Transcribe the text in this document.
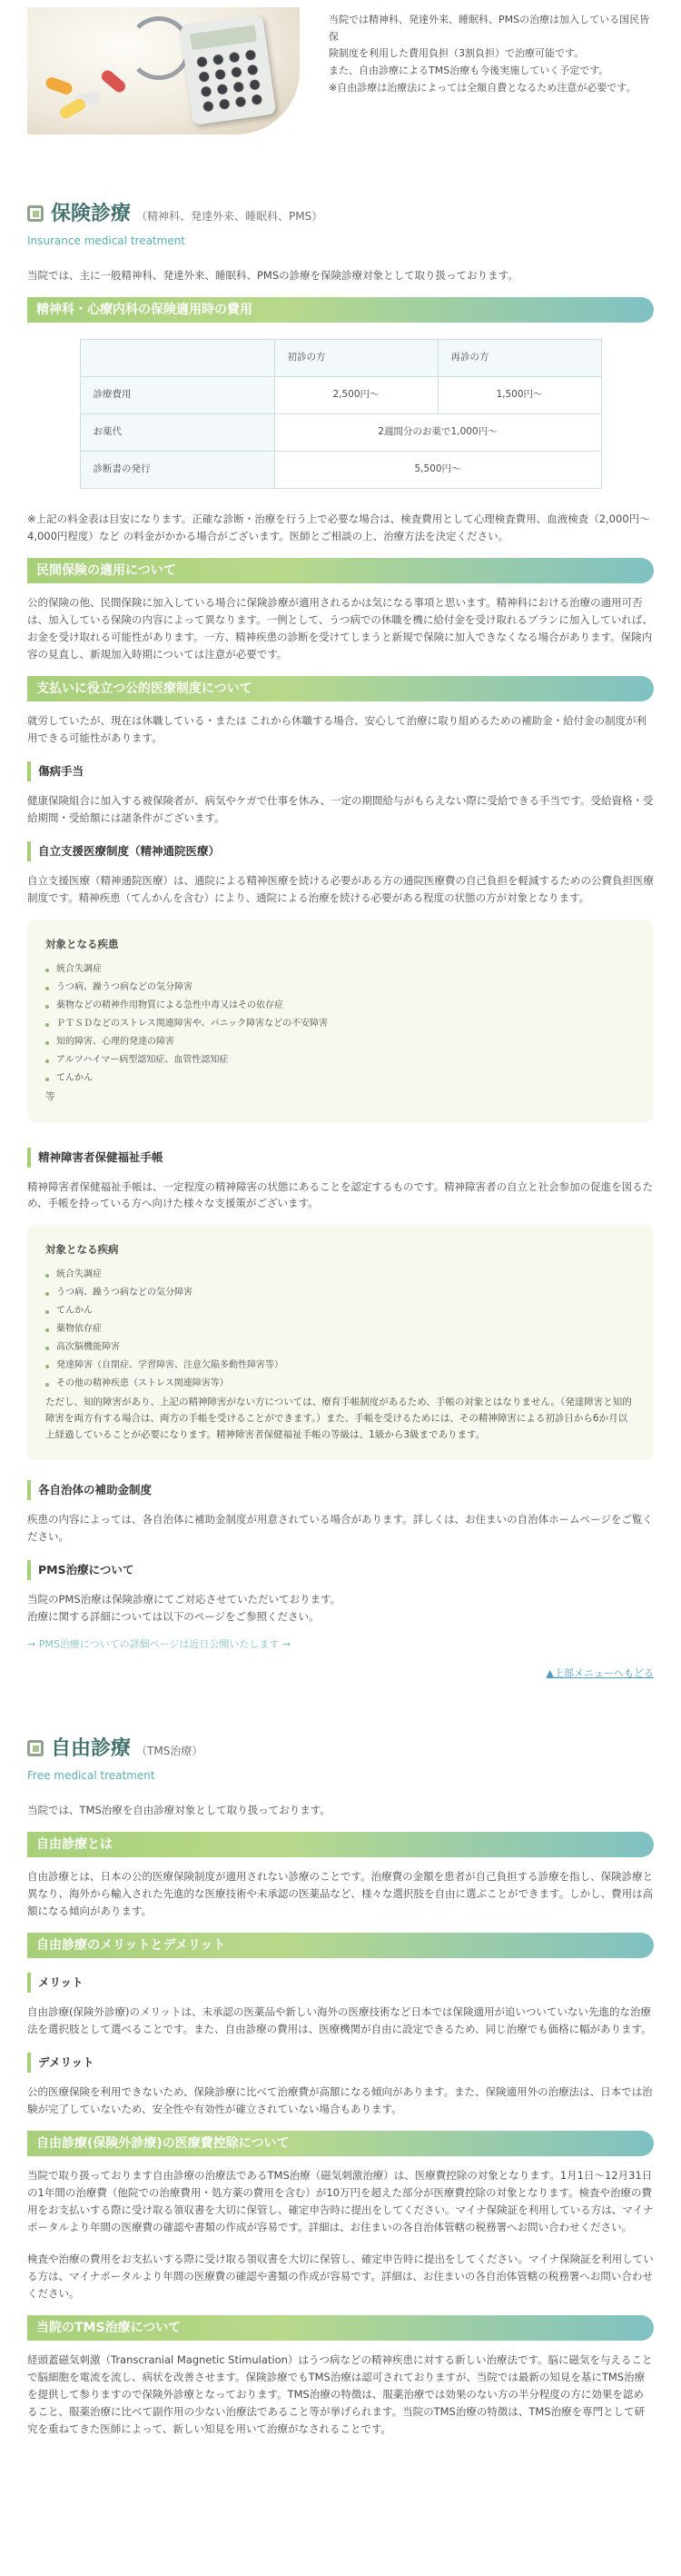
当院では精神科、発達外来、睡眠科、PMSの治療は加入している国民皆保
険制度を利用した費用負担（3割負担）で治療可能です。
また、自由診療によるTMS治療も今後実施していく予定です。
※自由診療は治療法によっては全額自費となるため注意が必要です。
保険診療 （精神科、発達外来、睡眠科、PMS）
Insurance medical treatment

当院では、主に一般精神科、発達外来、睡眠科、PMSの診療を保険診療対象として取り扱っております。

精神科・心療内科の保険適用時の費用
	初診の方	再診の方
診療費用	2,500円〜	1,500円〜
お薬代	2週間分のお薬で1,000円〜	
診断書の発行	5,500円〜	

※上記の料金表は目安になります。正確な診断・治療を行う上で必要な場合は、検査費用として心理検査費用、血液検査（2,000円〜4,000円程度）など の料金がかかる場合がございます。医師とご相談の上、治療方法を決定ください。

民間保険の適用について

公的保険の他、民間保険に加入している場合に保険診療が適用されるかは気になる事項と思います。精神科における治療の適用可否は、加入している保険の内容によって異なります。一例として、うつ病での休職を機に給付金を受け取れるプランに加入していれば、お金を受け取れる可能性があります。一方、精神疾患の診断を受けてしまうと新規で保険に加入できなくなる場合があります。保険内容の見直し、新規加入時期については注意が必要です。

支払いに役立つ公的医療制度について

就労していたが、現在は休職している・または これから休職する場合、安心して治療に取り組めるための補助金・給付金の制度が利用できる可能性があります。

傷病手当

健康保険組合に加入する被保険者が、病気やケガで仕事を休み、一定の期間給与がもらえない際に受給できる手当です。受給資格・受給期間・受給額には諸条件がございます。

自立支援医療制度（精神通院医療）

自立支援医療（精神通院医療）は、通院による精神医療を続ける必要がある方の通院医療費の自己負担を軽減するための公費負担医療制度です。精神疾患（てんかんを含む）により、通院による治療を続ける必要がある程度の状態の方が対象となります。

対象となる疾患
統合失調症
うつ病、躁うつ病などの気分障害
薬物などの精神作用物質による急性中毒又はその依存症
ＰＴＳＤなどのストレス関連障害や、パニック障害などの不安障害
知的障害、心理的発達の障害
アルツハイマー病型認知症、血管性認知症
てんかん
等
精神障害者保健福祉手帳

精神障害者保健福祉手帳は、一定程度の精神障害の状態にあることを認定するものです。精神障害者の自立と社会参加の促進を図るため、手帳を持っている方へ向けた様々な支援策がございます。

対象となる疾病
統合失調症
うつ病、躁うつ病などの気分障害
てんかん
薬物依存症
高次脳機能障害
発達障害（自閉症、学習障害、注意欠陥多動性障害等）
その他の精神疾患（ストレス関連障害等）
ただし、知的障害があり、上記の精神障害がない方については、療育手帳制度があるため、手帳の対象とはなりません。（発達障害と知的障害を両方有する場合は、両方の手帳を受けることができます。）また、手帳を受けるためには、その精神障害による初診日から6か月以上経過していることが必要になります。精神障害者保健福祉手帳の等級は、1級から3級まであります。
各自治体の補助金制度

疾患の内容によっては、各自治体に補助金制度が用意されている場合があります。詳しくは、お住まいの自治体ホームページをご覧ください。

PMS治療について

当院のPMS治療は保険診療にてご対応させていただいております。

治療に関する詳細については以下のページをご参照ください。

→ PMS治療についての詳細ページは近日公開いたします →
▲上部メニューへもどる
自由診療 （TMS治療）
Free medical treatment

当院では、TMS治療を自由診療対象として取り扱っております。

自由診療とは

自由診療とは、日本の公的医療保険制度が適用されない診療のことです。治療費の金額を患者が自己負担する診療を指し、保険診療と異なり、海外から輸入された先進的な医療技術や未承認の医薬品など、様々な選択肢を自由に選ぶことができます。しかし、費用は高額になる傾向があります。

自由診療のメリットとデメリット
メリット

自由診療(保険外診療)のメリットは、未承認の医薬品や新しい海外の医療技術など日本では保険適用が追いついていない先進的な治療法を選択肢として選べることです。また、自由診療の費用は、医療機関が自由に設定できるため、同じ治療でも価格に幅があります。

デメリット

公的医療保険を利用できないため、保険診療に比べて治療費が高額になる傾向があります。また、保険適用外の治療法は、日本では治験が完了していないため、安全性や有効性が確立されていない場合もあります。

自由診療(保険外診療)の医療費控除について

当院で取り扱っております自由診療の治療法であるTMS治療（磁気刺激治療）は、医療費控除の対象となります。1月1日～12月31日の1年間の治療費（他院での治療費用・処方薬の費用を含む）が10万円を超えた部分が医療費控除の対象となります。検査や治療の費用をお支払いする際に受け取る領収書を大切に保管し、確定申告時に提出をしてください。マイナ保険証を利用している方は、マイナポータルより年間の医療費の確認や書類の作成が容易です。詳細は、お住まいの各自治体管轄の税務署へお問い合わせください。

検査や治療の費用をお支払いする際に受け取る領収書を大切に保管し、確定申告時に提出をしてください。マイナ保険証を利用している方は、マイナポータルより年間の医療費の確認や書類の作成が容易です。詳細は、お住まいの各自治体管轄の税務署へお問い合わせください。

当院のTMS治療について

経頭蓋磁気刺激（Transcranial Magnetic Stimulation）はうつ病などの精神疾患に対する新しい治療法です。脳に磁気を与えることで脳細胞を電流を流し、病状を改善させます。保険診療でもTMS治療は認可されておりますが、当院では最新の知見を基にTMS治療を提供して参りますので保険外診療となっております。TMS治療の特徴は、服薬治療では効果のない方の半分程度の方に効果を認めること、服薬治療に比べて副作用の少ない治療法であること等が挙げられます。当院のTMS治療の特徴は、TMS治療を専門として研究を重ねてきた医師によって、新しい知見を用いて治療がなされることです。
